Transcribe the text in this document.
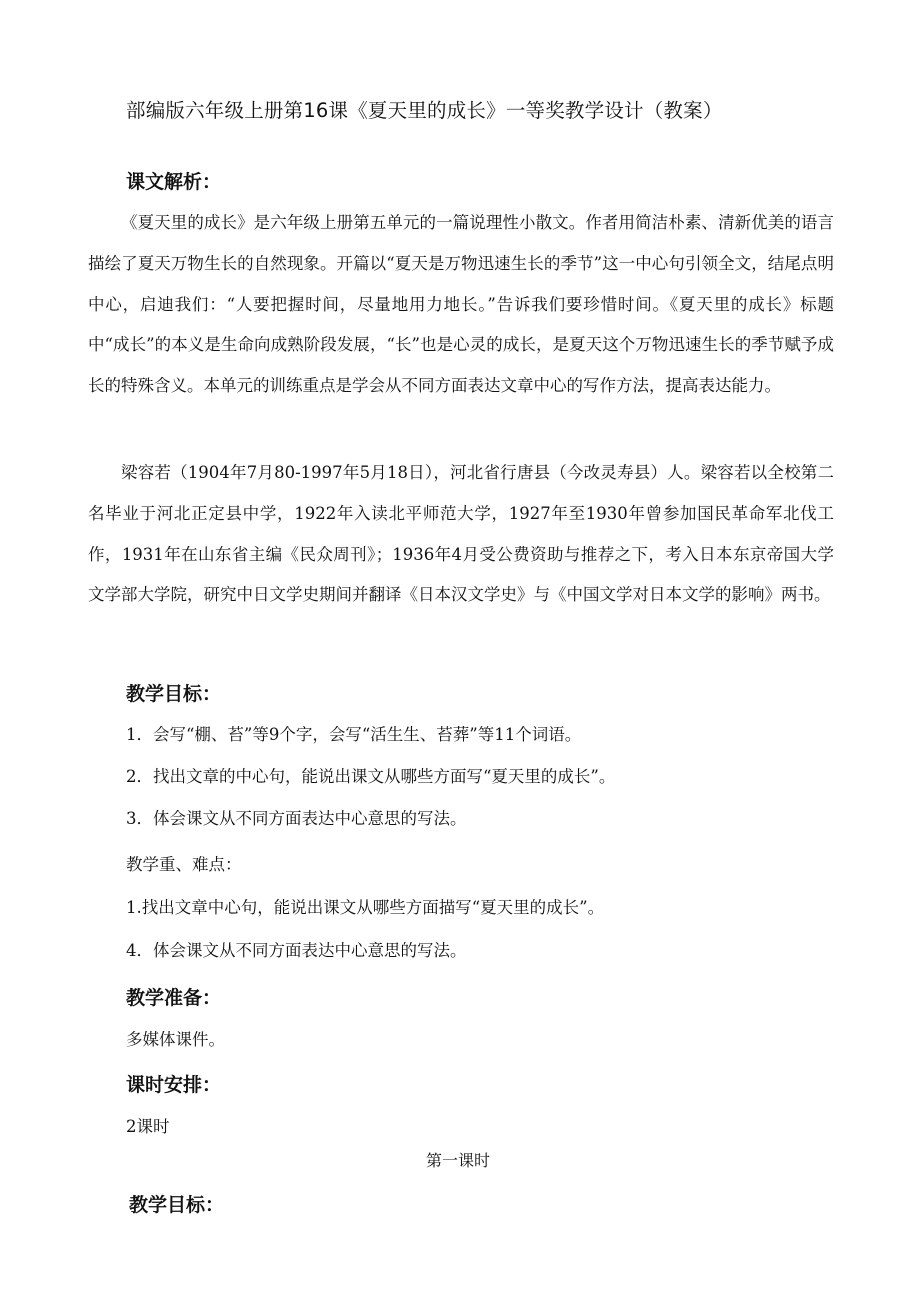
部编版六年级上册第16课《夏天里的成长》一等奖教学设计（教案）
课文解析：

《夏天里的成长》是六年级上册第五单元的一篇说理性小散文。作者用简洁朴素、清新优美的语言描绘了夏天万物生长的自然现象。开篇以“夏天是万物迅速生长的季节”这一中心句引领全文，结尾点明中心，启迪我们：“人要把握时间，尽量地用力地长。”告诉我们要珍惜时间。《夏天里的成长》标题中“成长”的本义是生命向成熟阶段发展，“长”也是心灵的成长，是夏天这个万物迅速生长的季节赋予成长的特殊含义。本单元的训练重点是学会从不同方面表达文章中心的写作方法，提高表达能力。

梁容若（1904年7月80-1997年5月18日），河北省行唐县（今改灵寿县）人。梁容若以全校第二名毕业于河北正定县中学，1922年入读北平师范大学，1927年至1930年曾参加国民革命军北伐工作，1931年在山东省主编《民众周刊》；1936年4月受公费资助与推荐之下，考入日本东京帝国大学文学部大学院，研究中日文学史期间并翻译《日本汉文学史》与《中国文学对日本文学的影响》两书。

教学目标：

1．会写“棚、苔”等9个字，会写“活生生、苔葬”等11个词语。

2．找出文章的中心句，能说出课文从哪些方面写“夏天里的成长”。

3．体会课文从不同方面表达中心意思的写法。

教学重、难点：

1.找出文章中心句，能说出课文从哪些方面描写“夏天里的成长”。

4．体会课文从不同方面表达中心意思的写法。

教学准备：

多媒体课件。

课时安排：

2课时

第一课时
教学目标：
